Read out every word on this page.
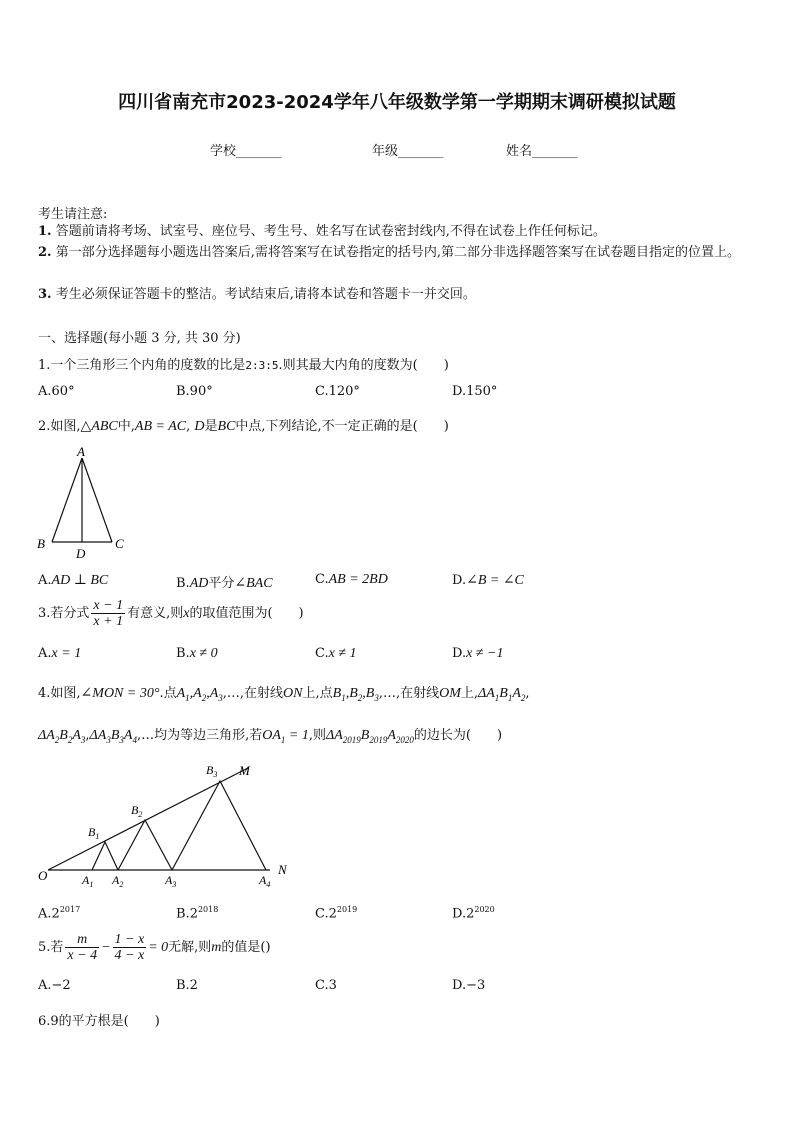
四川省南充市2023-2024学年八年级数学第一学期期末调研模拟试题
学校_______	年级_______	姓名_______
考生请注意:
1. 答题前请将考场、试室号、座位号、考生号、姓名写在试卷密封线内,不得在试卷上作任何标记。
2. 第一部分选择题每小题选出答案后,需将答案写在试卷指定的括号内,第二部分非选择题答案写在试卷题目指定的位置上。
3. 考生必须保证答题卡的整洁。考试结束后,请将本试卷和答题卡一并交回。
一、选择题(每小题 3 分, 共 30 分)
1.一个三角形三个内角的度数的比是2:3:5.则其最大内角的度数为(　　)
A.60°	B.90°	C.120°	D.150°
2.如图,△ABC中,AB = AC, D是BC中点,下列结论,不一定正确的是(　　)
A
B	C
D
A.AD ⊥ BC	B.AD平分∠BAC	C.AB = 2BD	D.∠B = ∠C
3.若分式 $\frac{x - 1}{x + 1}$ 有意义,则x的取值范围为(　　)
A.x = 1	B.x ≠ 0	C.x ≠ 1	D.x ≠ −1
4.如图,∠MON = 30°.点$A_1,A_2,A_3,\dots$,在射线ON上,点$B_1,B_2,B_3,\dots$,在射线OM上$,\Delta A_1B_1A_2$,
$\Delta A_2B_2A_3,\Delta A_3B_3A_4,\dots$均为等边三角形,若$OA_1 = 1$,则$\Delta A_{2019}B_{2019}A_{2020}$的边长为(　　)
O	N
M
$A_1$ $A_2$	$A_3$	$A_4$
$B_1$
$B_2$
$B_3$
$A.2^{2017}$	$B.2^{2018}$	$C.2^{2019}$	$D.2^{2020}$
5.若 $\frac{m}{x - 4} - \frac{1 - x}{4 - x} = 0$无解,则m的值是()
A.−2	B.2	C.3	D.−3
6.9的平方根是(　　)
